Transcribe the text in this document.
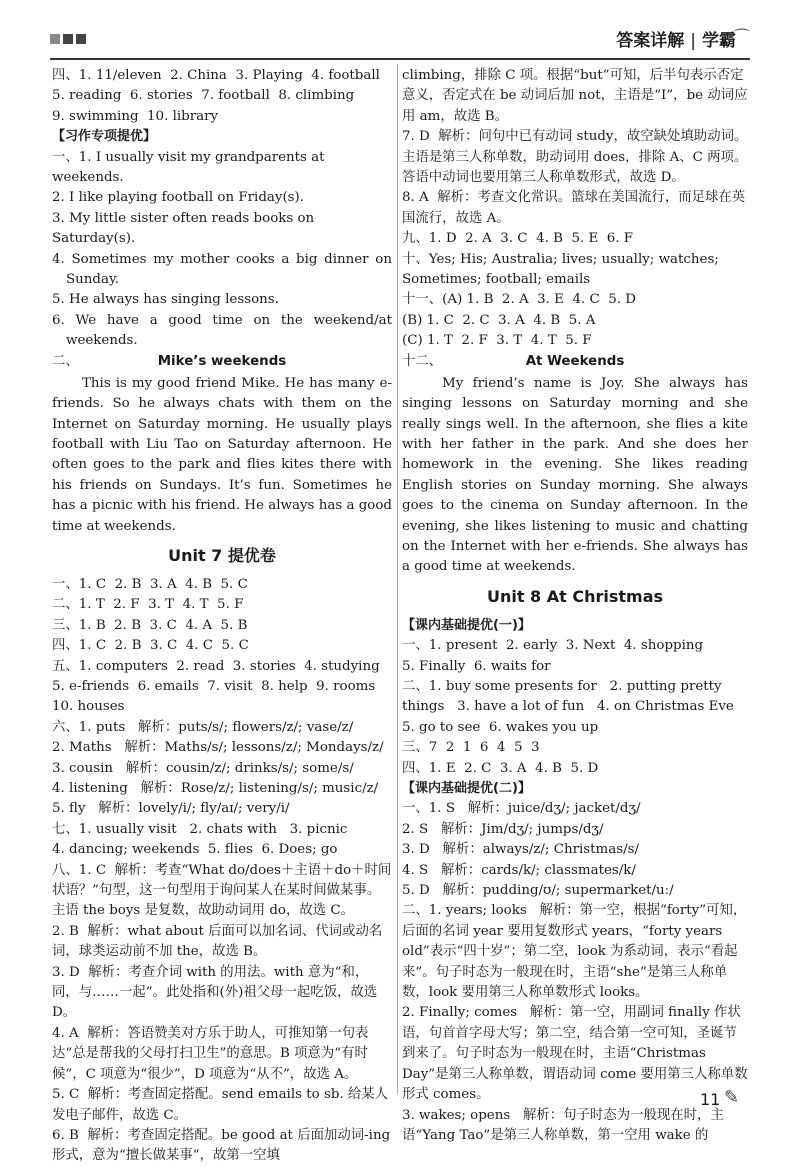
答案详解 | 学霸
⌒
四、1. 11/eleven  2. China  3. Playing  4. football
5. reading  6. stories  7. football  8. climbing
9. swimming  10. library
【习作专项提优】
一、1. I usually visit my grandparents at weekends.
2. I like playing football on Friday(s).
3. My little sister often reads books on Saturday(s).
4. Sometimes my mother cooks a big dinner on
Sunday.
5. He always has singing lessons.
6. We have a good time on the weekend/at
weekends.
二、	Mike’s weekends
This is my good friend Mike. He has many e-friends. So he always chats with them on the Internet on Saturday morning. He usually plays football with Liu Tao on Saturday afternoon. He often goes to the park and flies kites there with his friends on Sundays. It’s fun. Sometimes he has a picnic with his friend. He always has a good time at weekends.
Unit 7 提优卷
一、1. C  2. B  3. A  4. B  5. C
二、1. T  2. F  3. T  4. T  5. F
三、1. B  2. B  3. C  4. A  5. B
四、1. C  2. B  3. C  4. C  5. C
五、1. computers  2. read  3. stories  4. studying
5. e-friends  6. emails  7. visit  8. help  9. rooms
10. houses
六、1. puts   解析：puts/s/; flowers/z/; vase/z/
2. Maths   解析：Maths/s/; lessons/z/; Mondays/z/
3. cousin   解析：cousin/z/; drinks/s/; some/s/
4. listening   解析：Rose/z/; listening/s/; music/z/
5. fly   解析：lovely/i/; fly/aɪ/; very/i/
七、1. usually visit   2. chats with   3. picnic
4. dancing; weekends  5. flies  6. Does; go
八、1. C  解析：考查“What do/does＋主语＋do＋时间状语？”句型，这一句型用于询问某人在某时间做某事。主语 the boys 是复数，故助动词用 do，故选 C。
2. B  解析：what about 后面可以加名词、代词或动名词，球类运动前不加 the，故选 B。
3. D  解析：考查介词 with 的用法。with 意为“和，同，与……一起”。此处指和(外)祖父母一起吃饭，故选 D。
4. A  解析：答语赞美对方乐于助人，可推知第一句表达“总是帮我的父母打扫卫生”的意思。B 项意为“有时候”，C 项意为“很少”，D 项意为“从不”，故选 A。
5. C  解析：考查固定搭配。send emails to sb. 给某人发电子邮件，故选 C。
6. B  解析：考查固定搭配。be good at 后面加动词-ing形式，意为“擅长做某事”，故第一空填
climbing，排除 C 项。根据“but”可知，后半句表示否定意义，否定式在 be 动词后加 not，主语是“I”，be 动词应用 am，故选 B。
7. D  解析：问句中已有动词 study，故空缺处填助动词。主语是第三人称单数，助动词用 does，排除 A、C 两项。答语中动词也要用第三人称单数形式，故选 D。
8. A  解析：考查文化常识。篮球在美国流行，而足球在英国流行，故选 A。
九、1. D  2. A  3. C  4. B  5. E  6. F
十、Yes; His; Australia; lives; usually; watches;
Sometimes; football; emails
十一、(A) 1. B  2. A  3. E  4. C  5. D
(B) 1. C  2. C  3. A  4. B  5. A
(C) 1. T  2. F  3. T  4. T  5. F
十二、	At Weekends
My friend’s name is Joy. She always has singing lessons on Saturday morning and she really sings well. In the afternoon, she flies a kite with her father in the park. And she does her homework in the evening. She likes reading English stories on Sunday morning. She always goes to the cinema on Sunday afternoon. In the evening, she likes listening to music and chatting on the Internet with her e-friends. She always has a good time at weekends.
Unit 8 At Christmas
【课内基础提优(一)】
一、1. present  2. early  3. Next  4. shopping
5. Finally  6. waits for
二、1. buy some presents for   2. putting pretty
things   3. have a lot of fun   4. on Christmas Eve
5. go to see  6. wakes you up
三、7  2  1  6  4  5  3
四、1. E  2. C  3. A  4. B  5. D
【课内基础提优(二)】
一、1. S   解析：juice/dʒ/; jacket/dʒ/
2. S   解析：Jim/dʒ/; jumps/dʒ/
3. D   解析：always/z/; Christmas/s/
4. S   解析：cards/k/; classmates/k/
5. D   解析：pudding/ʊ/; supermarket/uː/
二、1. years; looks   解析：第一空，根据“forty”可知，后面的名词 year 要用复数形式 years，“forty years old”表示“四十岁”；第二空，look 为系动词，表示“看起来”。句子时态为一般现在时，主语“she”是第三人称单数，look 要用第三人称单数形式 looks。
2. Finally; comes   解析：第一空，用副词 finally 作状语，句首首字母大写；第二空，结合第一空可知，圣诞节到来了。句子时态为一般现在时，主语“Christmas Day”是第三人称单数，谓语动词 come 要用第三人称单数形式 comes。
3. wakes; opens   解析：句子时态为一般现在时，主语“Yang Tao”是第三人称单数，第一空用 wake 的
11 ✎
